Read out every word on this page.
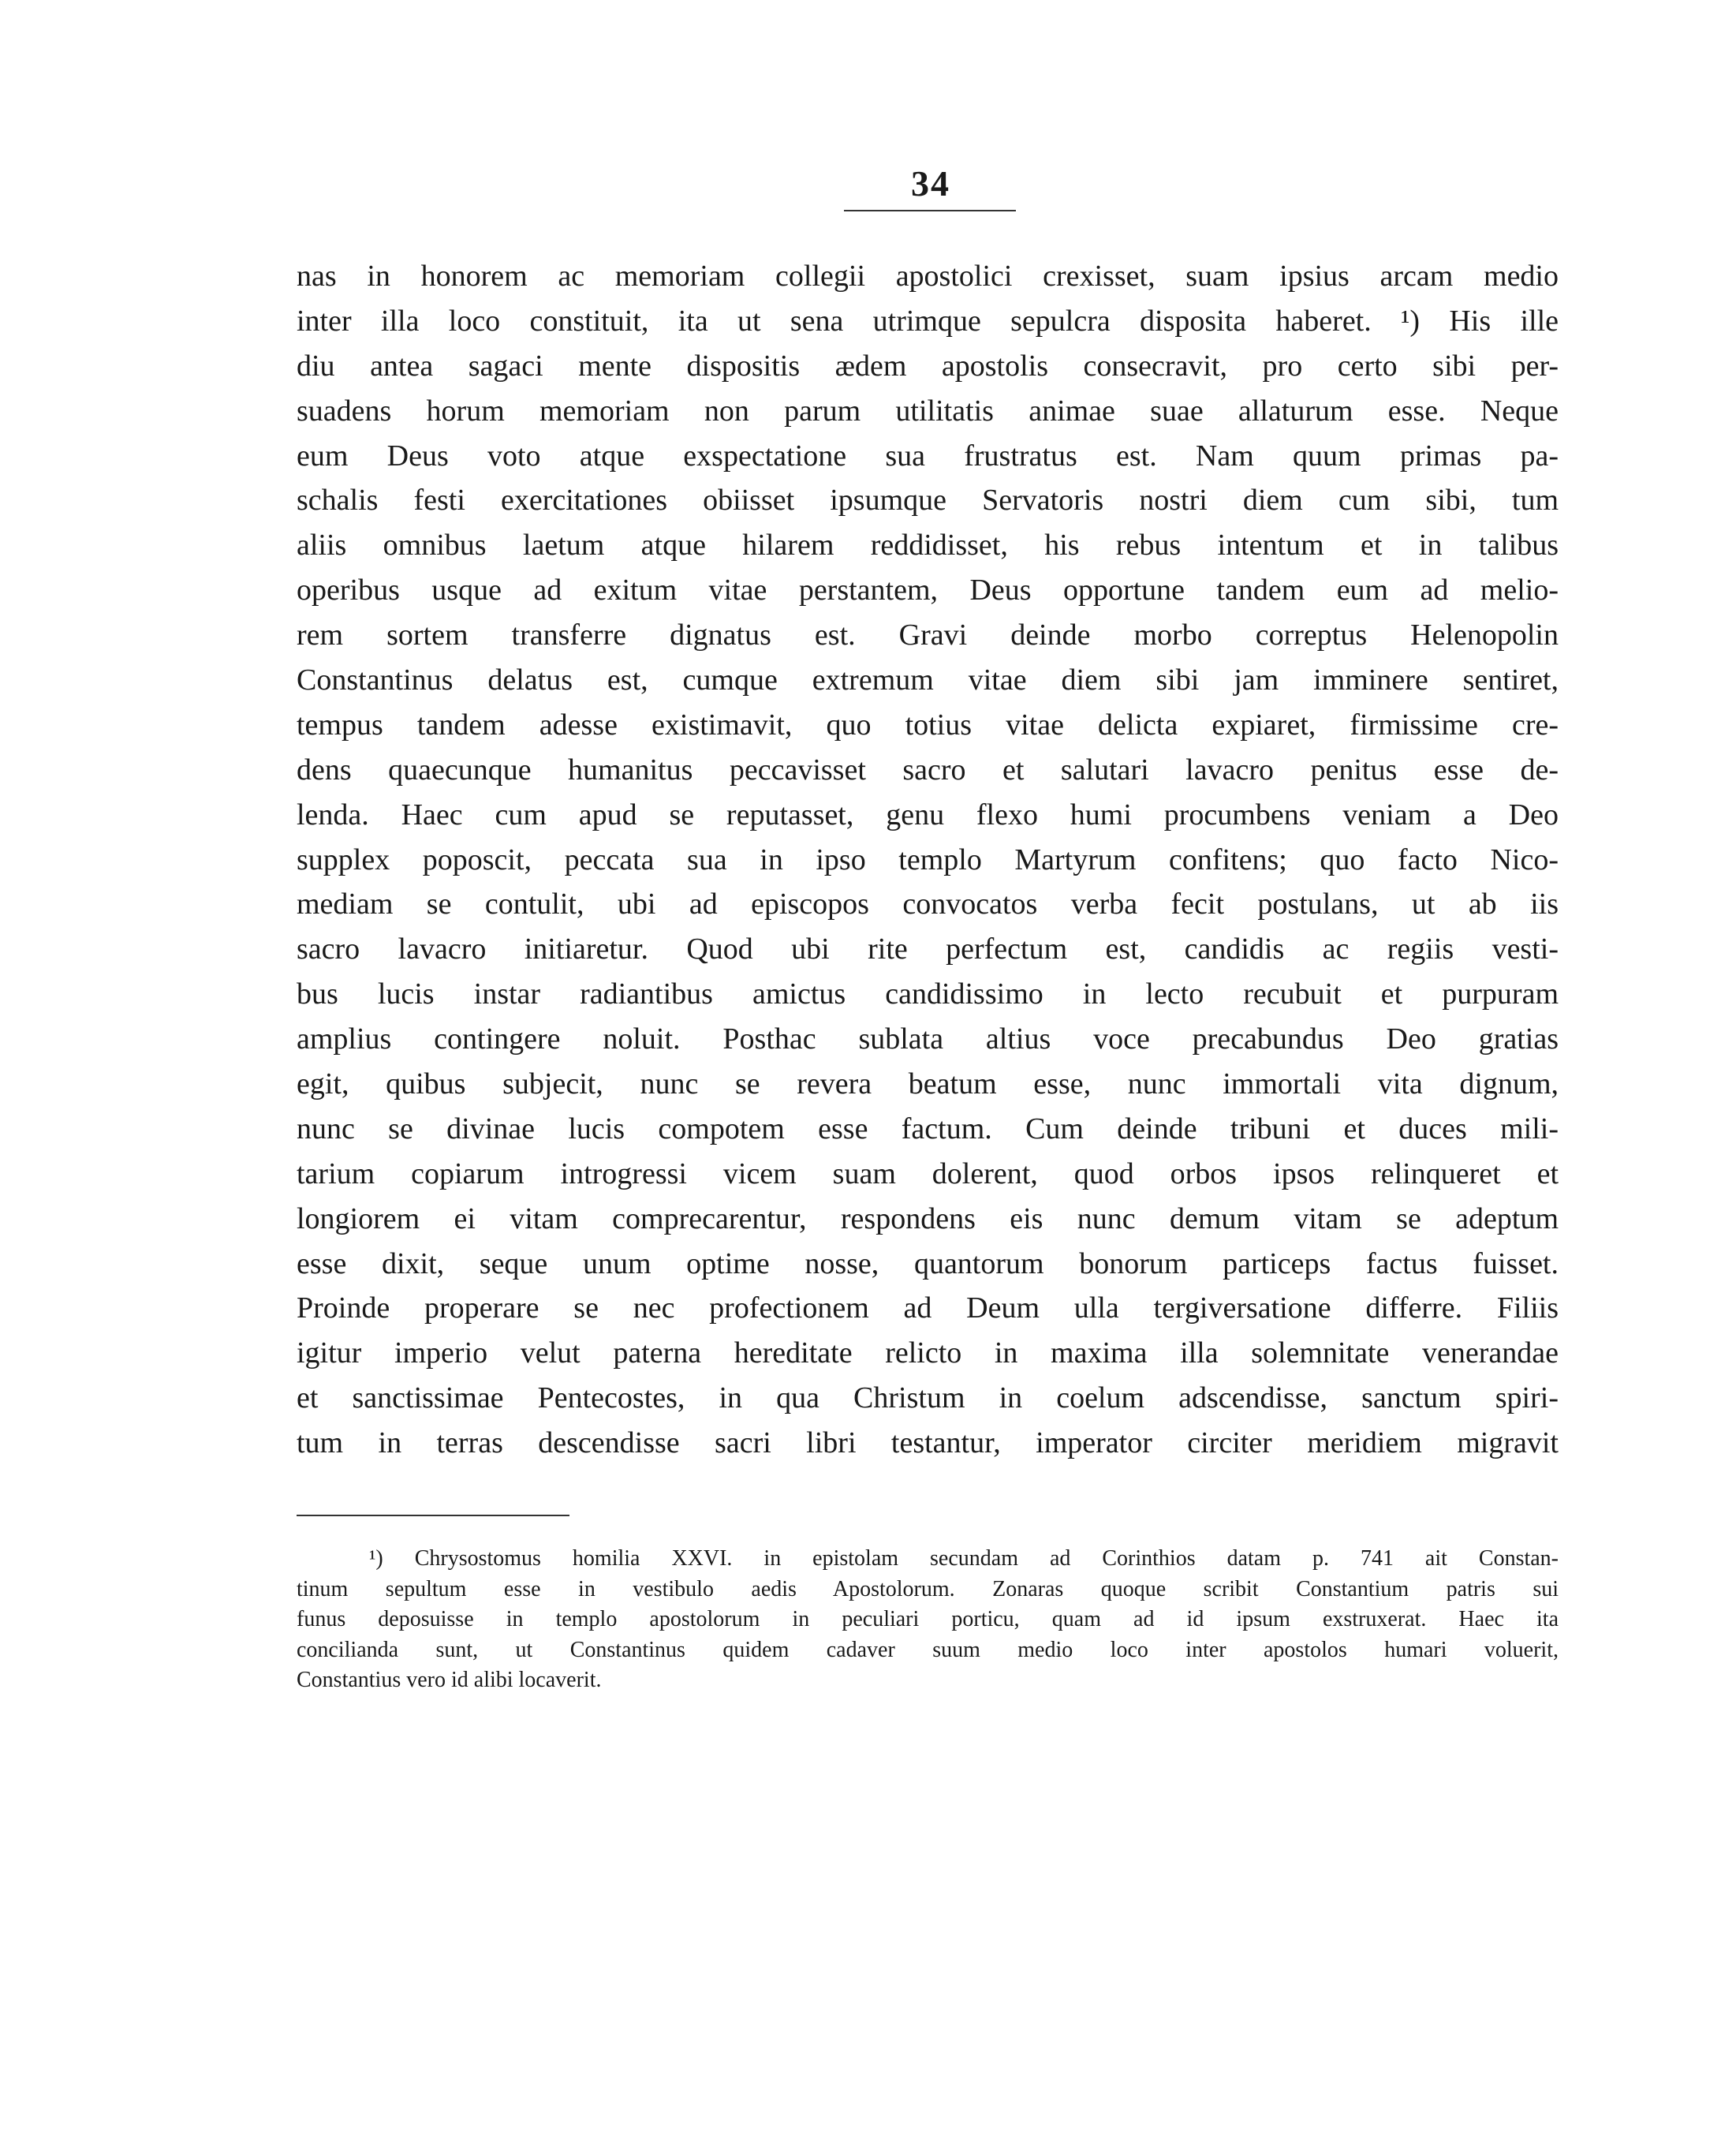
34
nas in honorem ac memoriam collegii apostolici crexisset, suam ipsius arcam medio
inter illa loco constituit, ita ut sena utrimque sepulcra disposita haberet. ¹) His ille
diu antea sagaci mente dispositis ædem apostolis consecravit, pro certo sibi per-
suadens horum memoriam non parum utilitatis animae suae allaturum esse. Neque
eum Deus voto atque exspectatione sua frustratus est. Nam quum primas pa-
schalis festi exercitationes obiisset ipsumque Servatoris nostri diem cum sibi, tum
aliis omnibus laetum atque hilarem reddidisset, his rebus intentum et in talibus
operibus usque ad exitum vitae perstantem, Deus opportune tandem eum ad melio-
rem sortem transferre dignatus est. Gravi deinde morbo correptus Helenopolin
Constantinus delatus est, cumque extremum vitae diem sibi jam imminere sentiret,
tempus tandem adesse existimavit, quo totius vitae delicta expiaret, firmissime cre-
dens quaecunque humanitus peccavisset sacro et salutari lavacro penitus esse de-
lenda. Haec cum apud se reputasset, genu flexo humi procumbens veniam a Deo
supplex poposcit, peccata sua in ipso templo Martyrum confitens; quo facto Nico-
mediam se contulit, ubi ad episcopos convocatos verba fecit postulans, ut ab iis
sacro lavacro initiaretur. Quod ubi rite perfectum est, candidis ac regiis vesti-
bus lucis instar radiantibus amictus candidissimo in lecto recubuit et purpuram
amplius contingere noluit. Posthac sublata altius voce precabundus Deo gratias
egit, quibus subjecit, nunc se revera beatum esse, nunc immortali vita dignum,
nunc se divinae lucis compotem esse factum. Cum deinde tribuni et duces mili-
tarium copiarum introgressi vicem suam dolerent, quod orbos ipsos relinqueret et
longiorem ei vitam comprecarentur, respondens eis nunc demum vitam se adeptum
esse dixit, seque unum optime nosse, quantorum bonorum particeps factus fuisset.
Proinde properare se nec profectionem ad Deum ulla tergiversatione differre. Filiis
igitur imperio velut paterna hereditate relicto in maxima illa solemnitate venerandae
et sanctissimae Pentecostes, in qua Christum in coelum adscendisse, sanctum spiri-
tum in terras descendisse sacri libri testantur, imperator circiter meridiem migravit
¹) Chrysostomus homilia XXVI. in epistolam secundam ad Corinthios datam p. 741 ait Constan-
tinum sepultum esse in vestibulo aedis Apostolorum. Zonaras quoque scribit Constantium patris sui
funus deposuisse in templo apostolorum in peculiari porticu, quam ad id ipsum exstruxerat. Haec ita
conciliandа sunt, ut Constantinus quidem cadaver suum medio loco inter apostolos humari voluerit,
Constantius vero id alibi locaverit.
